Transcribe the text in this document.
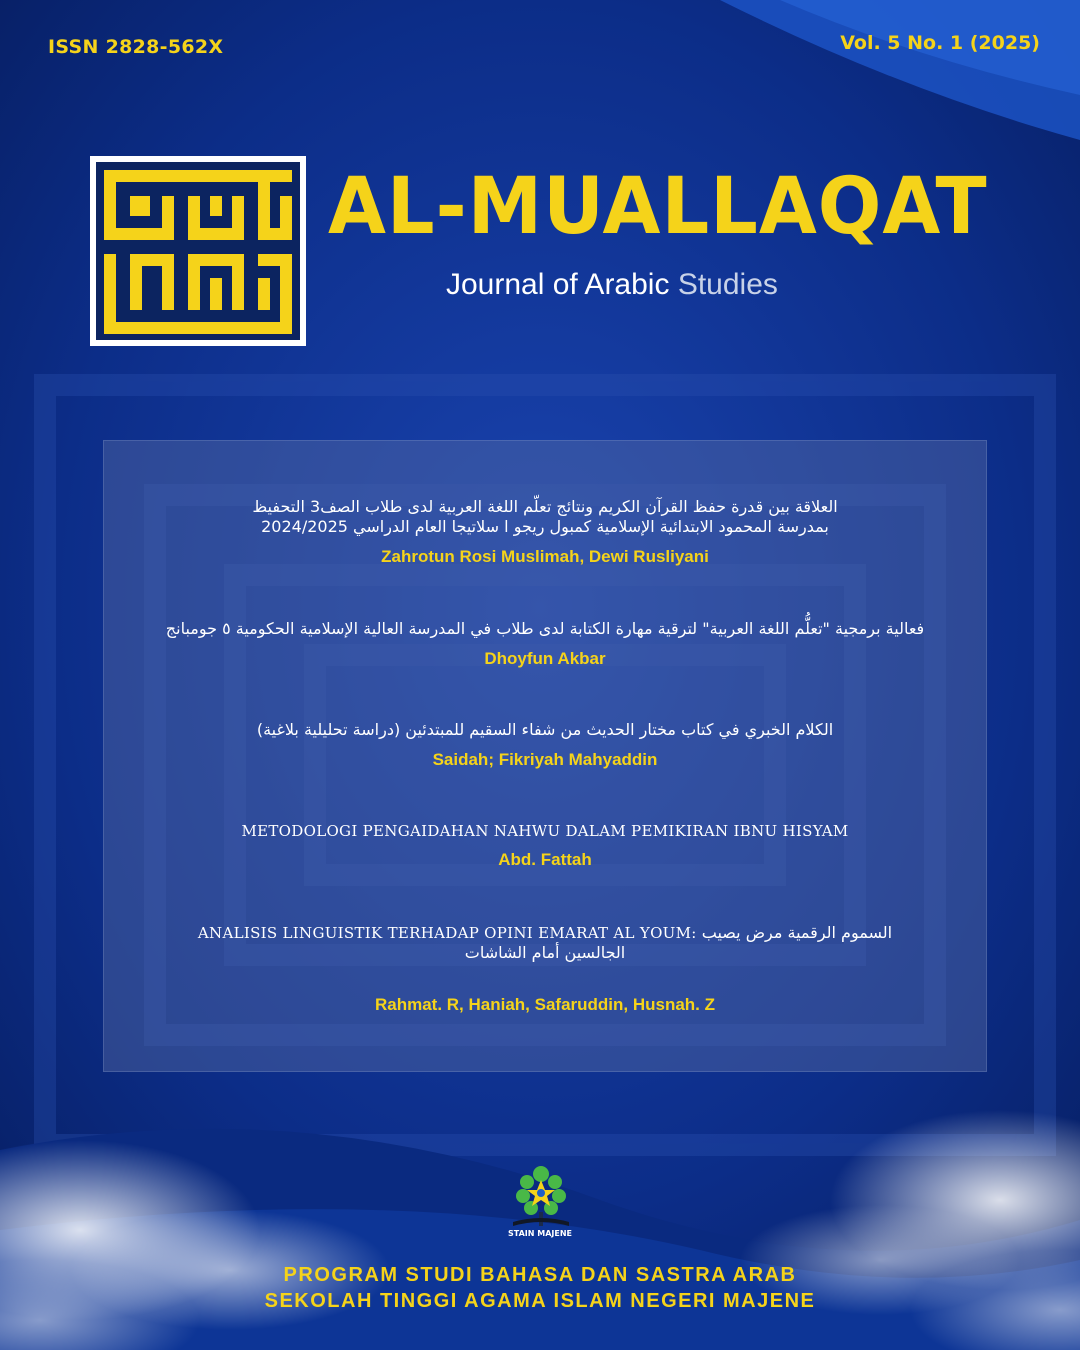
ISSN 2828-562X	Vol. 5 No. 1 (2025)
AL-MUALLAQAT
Journal of Arabic Studies
العلاقة بين قدرة حفظ القرآن الكريم ونتائج تعلّم اللغة العربية لدى طلاب الصف3 التحفيظ
بمدرسة المحمود الابتدائية الإسلامية كمبول ريجو ا سلاتيجا العام الدراسي 2024/2025
Zahrotun Rosi Muslimah, Dewi Rusliyani
فعالية برمجية "تعلُّم اللغة العربية" لترقية مهارة الكتابة لدى طلاب في المدرسة العالية الإسلامية الحكومية ٥ جومبانج
Dhoyfun Akbar
الكلام الخبري في كتاب مختار الحديث من شفاء السقيم للمبتدئين (دراسة تحليلية بلاغية)
Saidah; Fikriyah Mahyaddin
METODOLOGI PENGAIDAHAN NAHWU DALAM PEMIKIRAN IBNU HISYAM
Abd. Fattah
ANALISIS LINGUISTIK TERHADAP OPINI EMARAT AL YOUM: السموم الرقمية مرض يصيب
الجالسين أمام الشاشات
Rahmat. R, Haniah, Safaruddin, Husnah. Z
STAIN MAJENE
PROGRAM STUDI BAHASA DAN SASTRA ARAB
SEKOLAH TINGGI AGAMA ISLAM NEGERI MAJENE
